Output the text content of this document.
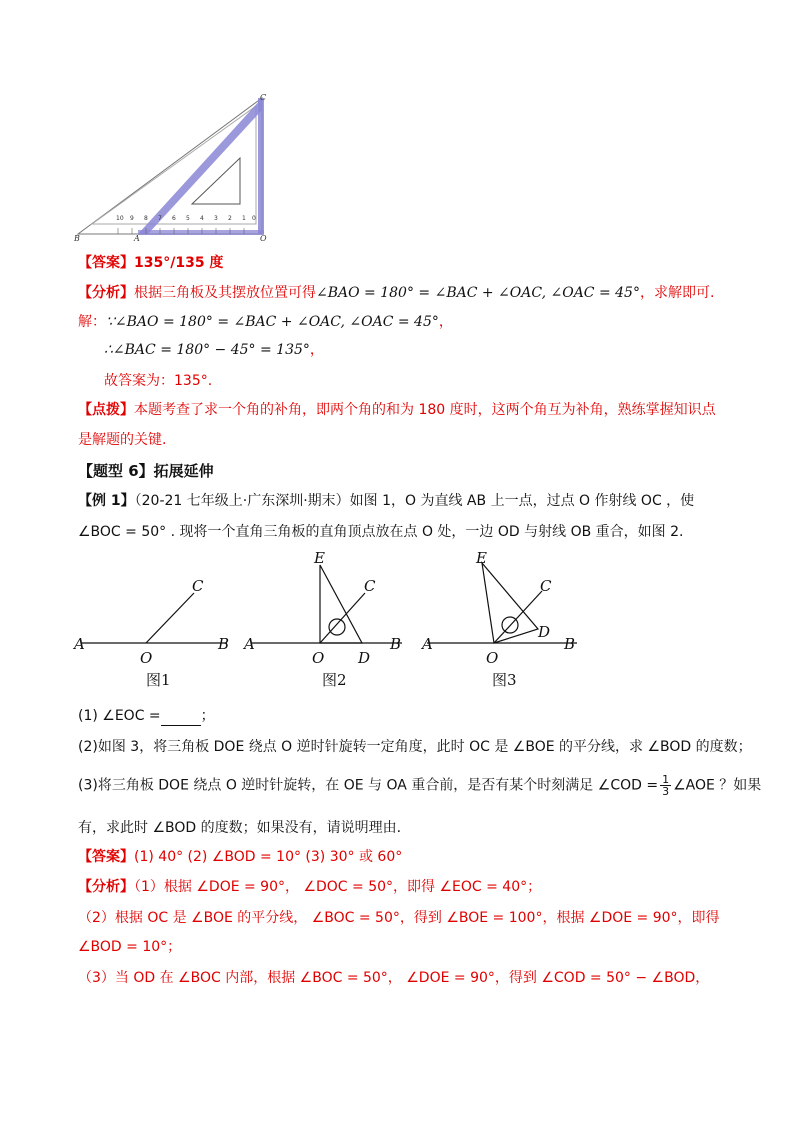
10 9 8 7 6 5 4 3 2 1 0
C
B	A	O
【答案】135°/135 度
【分析】根据三角板及其摆放位置可得∠BAO = 180° = ∠BAC + ∠OAC, ∠OAC = 45°，求解即可.
解：∵∠BAO = 180° = ∠BAC + ∠OAC, ∠OAC = 45°，
∴∠BAC = 180° − 45° = 135°，
故答案为：135°.
【点拨】本题考查了求一个角的补角，即两个角的和为 180 度时，这两个角互为补角，熟练掌握知识点
是解题的关键.
【题型 6】拓展延伸
【例 1】（20-21 七年级上·广东深圳·期末）如图 1，O 为直线 AB 上一点，过点 O 作射线 OC ，使
∠BOC = 50° . 现将一个直角三角板的直角顶点放在点 O 处，一边 OD 与射线 OB 重合，如图 2.
A
O
B
C
A
O D
B
C
E
A
O
D
B
C
E
图1	图2	图3
(1) ∠EOC =	；
(2)如图 3，将三角板 DOE 绕点 O 逆时针旋转一定角度，此时 OC 是 ∠BOE 的平分线，求 ∠BOD 的度数；
(3)将三角板 DOE 绕点 O 逆时针旋转，在 OE 与 OA 重合前，是否有某个时刻满足 ∠COD = $\frac{1}{3}$ ∠AOE ？如果
有，求此时 ∠BOD 的度数；如果没有，请说明理由.
【答案】(1) 40° (2) ∠BOD = 10° (3) 30° 或 60°
【分析】（1）根据 ∠DOE = 90°， ∠DOC = 50°，即得 ∠EOC = 40°；
（2）根据 OC 是 ∠BOE 的平分线， ∠BOC = 50°，得到 ∠BOE = 100°，根据 ∠DOE = 90°，即得
∠BOD = 10°；
（3）当 OD 在 ∠BOC 内部，根据 ∠BOC = 50°， ∠DOE = 90°，得到 ∠COD = 50° − ∠BOD，
